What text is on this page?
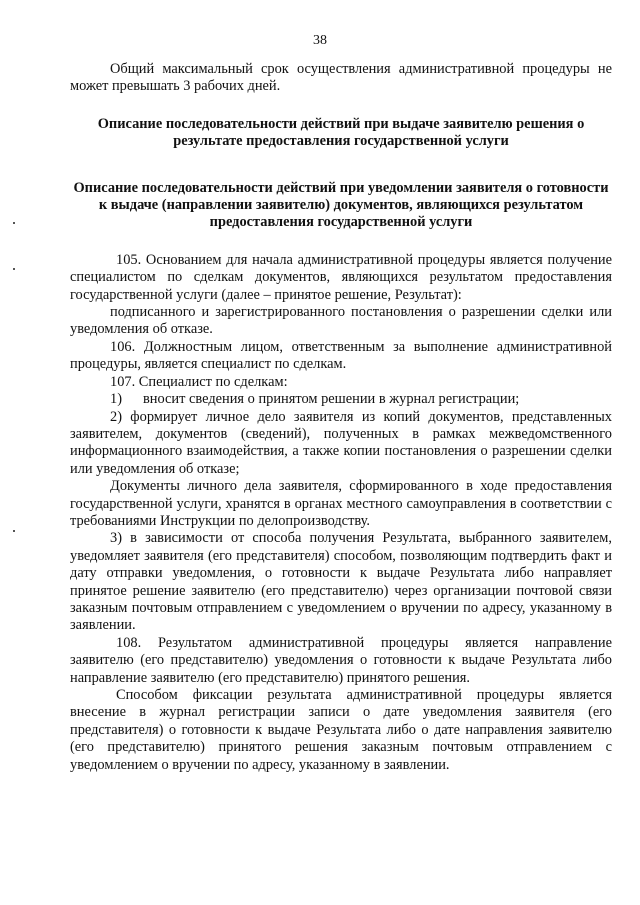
38

Общий максимальный срок осуществления административной процедуры не может превышать 3 рабочих дней.

Описание последовательности действий при выдаче заявителю решения о результате предоставления государственной услуги

Описание последовательности действий при уведомлении заявителя о готовности к выдаче (направлении заявителю) документов, являющихся результатом предоставления государственной услуги

105. Основанием для начала административной процедуры является получение специалистом по сделкам документов, являющихся результатом предоставления государственной услуги (далее – принятое решение, Результат):

подписанного и зарегистрированного постановления о разрешении сделки или уведомления об отказе.

106. Должностным лицом, ответственным за выполнение административной процедуры, является специалист по сделкам.

107. Специалист по сделкам:

1)	вносит сведения о принятом решении в журнал регистрации;

2) формирует личное дело заявителя из копий документов, представленных заявителем, документов (сведений), полученных в рамках межведомственного информационного взаимодействия, а также копии постановления о разрешении сделки или уведомления об отказе;

Документы личного дела заявителя, сформированного в ходе предоставления государственной услуги, хранятся в органах местного самоуправления в соответствии с требованиями Инструкции по делопроизводству.

3) в зависимости от способа получения Результата, выбранного заявителем, уведомляет заявителя (его представителя) способом, позволяющим подтвердить факт и дату отправки уведомления, о готовности к выдаче Результата либо направляет принятое решение заявителю (его представителю) через организации почтовой связи заказным почтовым отправлением с уведомлением о вручении по адресу, указанному в заявлении.

108. Результатом административной процедуры является направление заявителю (его представителю) уведомления о готовности к выдаче Результата либо направление заявителю (его представителю) принятого решения.

Способом фиксации результата административной процедуры является внесение в журнал регистрации записи о дате уведомления заявителя (его представителя) о готовности к выдаче Результата либо о дате направления заявителю (его представителю) принятого решения заказным почтовым отправлением с уведомлением о вручении по адресу, указанному в заявлении.
